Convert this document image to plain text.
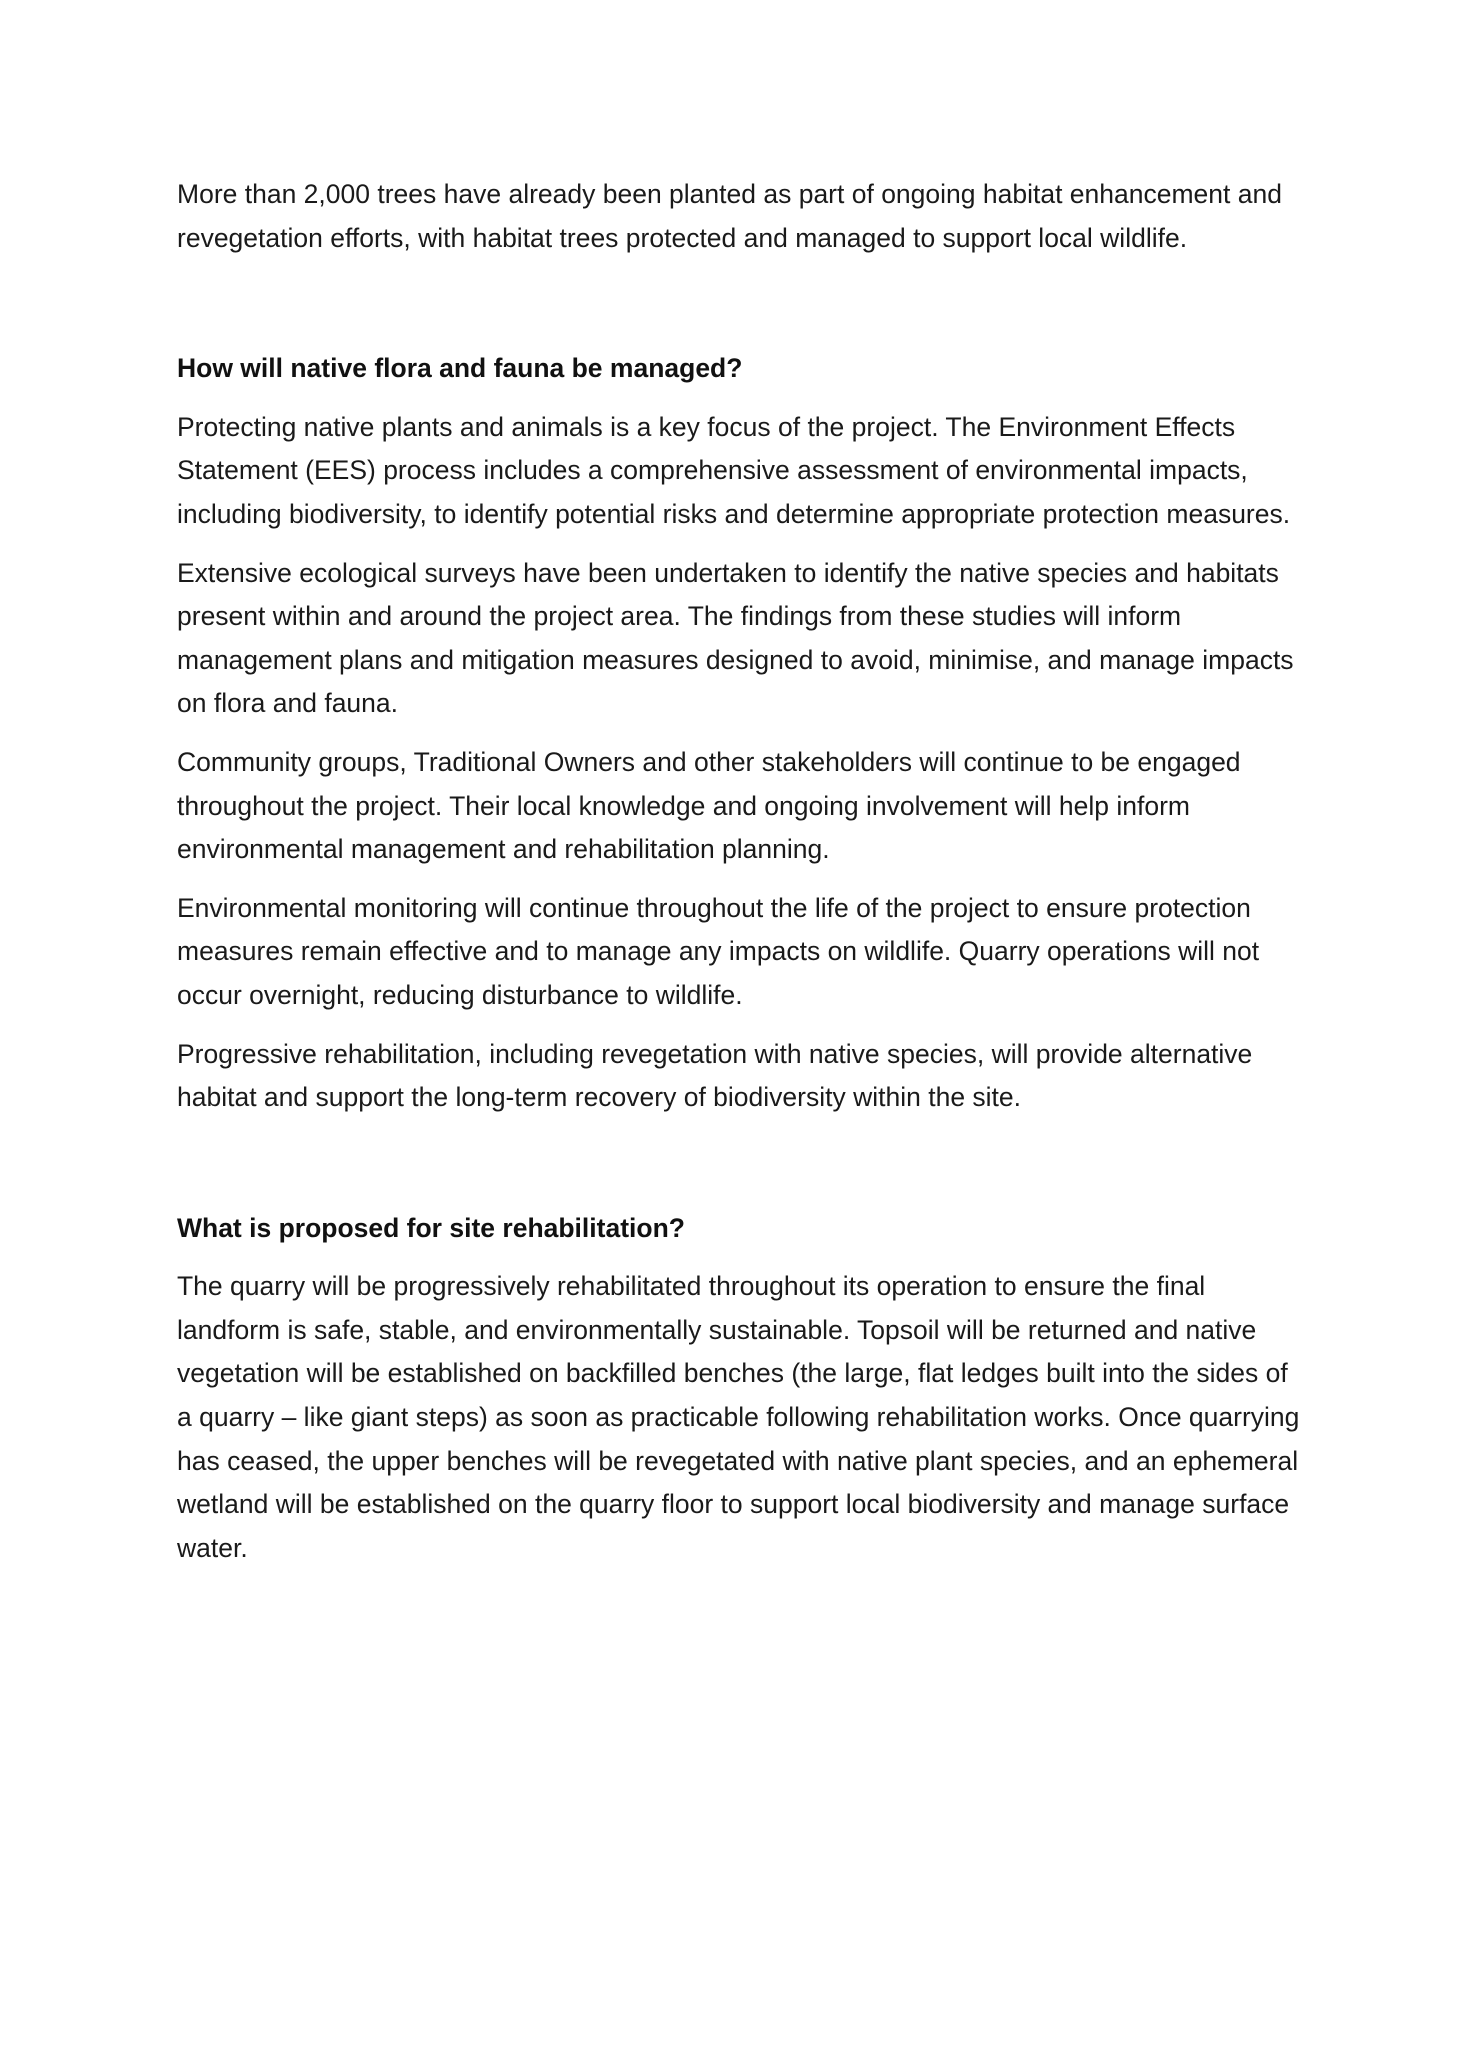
More than 2,000 trees have already been planted as part of ongoing habitat enhancement and revegetation efforts, with habitat trees protected and managed to support local wildlife.

How will native flora and fauna be managed?

Protecting native plants and animals is a key focus of the project. The Environment Effects Statement (EES) process includes a comprehensive assessment of environmental impacts, including biodiversity, to identify potential risks and determine appropriate protection measures.

Extensive ecological surveys have been undertaken to identify the native species and habitats present within and around the project area. The findings from these studies will inform management plans and mitigation measures designed to avoid, minimise, and manage impacts on flora and fauna.

Community groups, Traditional Owners and other stakeholders will continue to be engaged throughout the project. Their local knowledge and ongoing involvement will help inform environmental management and rehabilitation planning.

Environmental monitoring will continue throughout the life of the project to ensure protection measures remain effective and to manage any impacts on wildlife. Quarry operations will not occur overnight, reducing disturbance to wildlife.

Progressive rehabilitation, including revegetation with native species, will provide alternative habitat and support the long-term recovery of biodiversity within the site.

What is proposed for site rehabilitation?

The quarry will be progressively rehabilitated throughout its operation to ensure the final landform is safe, stable, and environmentally sustainable. Topsoil will be returned and native vegetation will be established on backfilled benches (the large, flat ledges built into the sides of a quarry – like giant steps) as soon as practicable following rehabilitation works. Once quarrying has ceased, the upper benches will be revegetated with native plant species, and an ephemeral wetland will be established on the quarry floor to support local biodiversity and manage surface water.
